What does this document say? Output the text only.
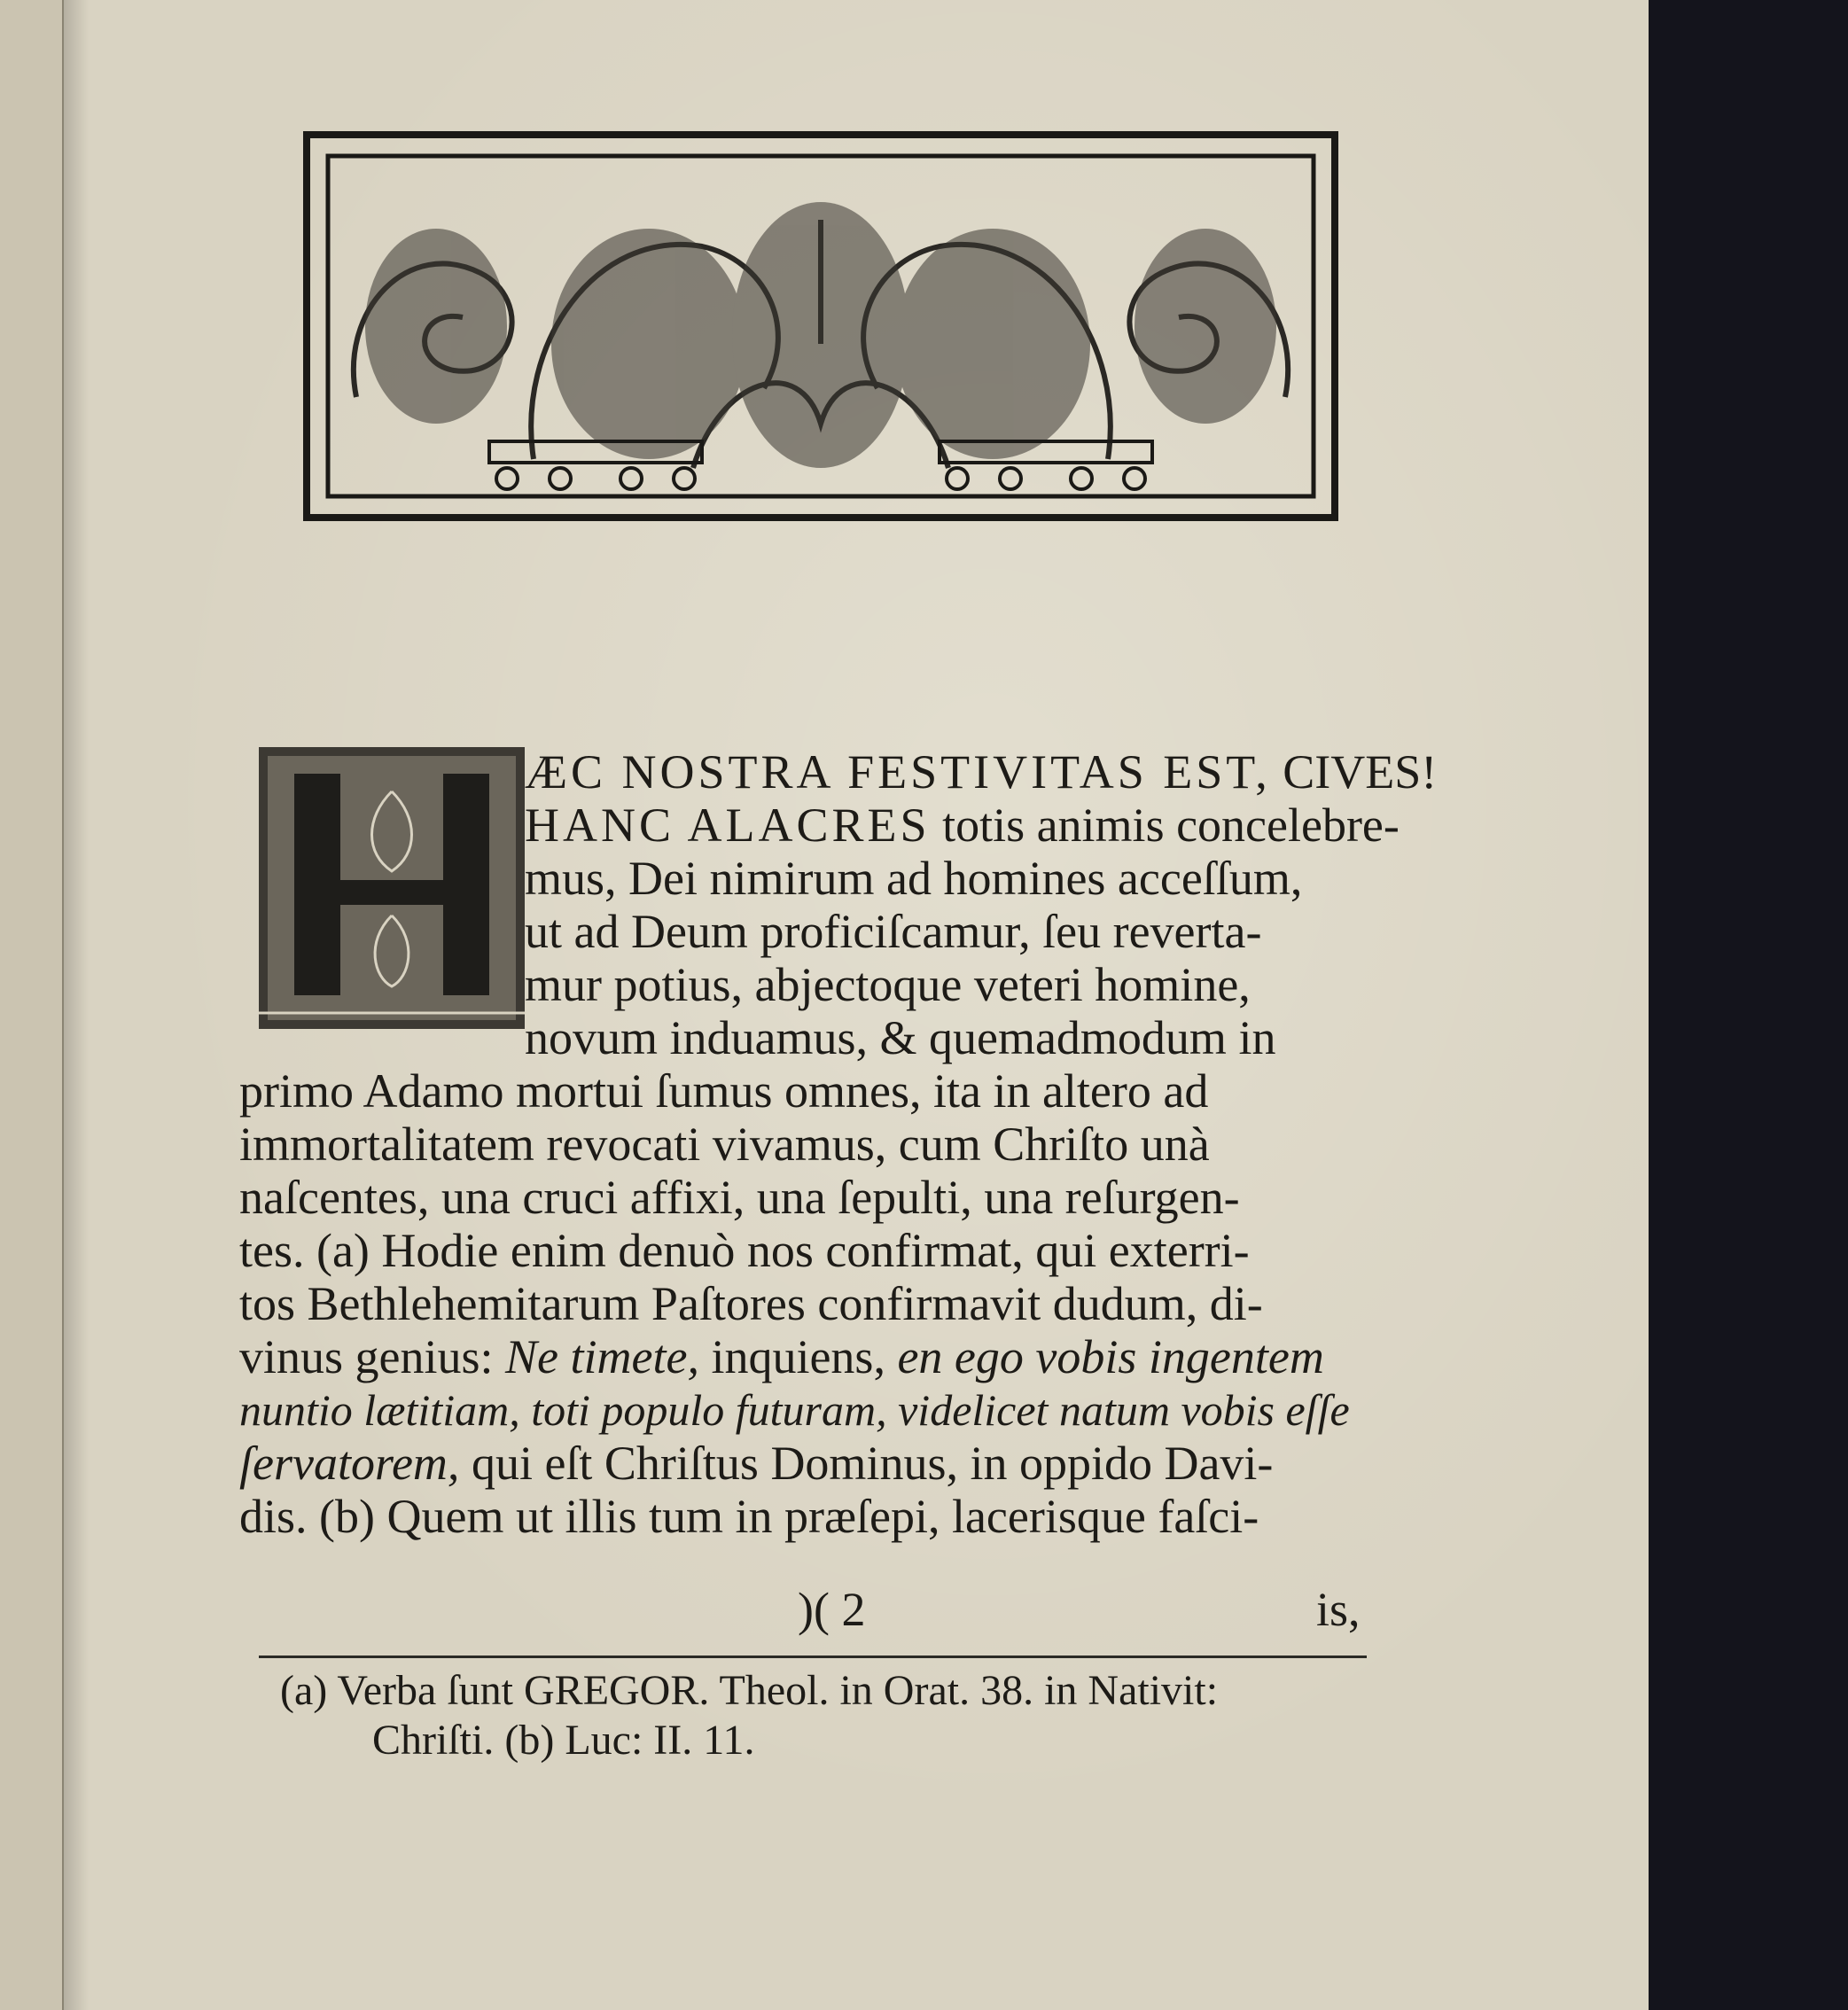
ÆC NOSTRA FESTIVITAS EST, CIVES!
HANC ALACRES totis animis concelebre-
mus, Dei nimirum ad homines acceſſum,
ut ad Deum proficiſcamur, ſeu reverta-
mur potius, abjectoque veteri homine,
novum induamus, & quemadmodum in
primo Adamo mortui ſumus omnes, ita in altero ad
immortalitatem revocati vivamus, cum Chriſto unà
naſcentes, una cruci affixi, una ſepulti, una reſurgen-
tes. (a) Hodie enim denuò nos confirmat, qui exterri-
tos Bethlehemitarum Paſtores confirmavit dudum, di-
vinus genius: Ne timete, inquiens, en ego vobis ingentem
nuntio lætitiam, toti populo futuram, videlicet natum vobis eſſe
ſervatorem, qui eſt Chriſtus Dominus, in oppido Davi-
dis. (b) Quem ut illis tum in præſepi, lacerisque faſci-
)( 2	is,
(a) Verba ſunt GREGOR. Theol. in Orat. 38. in Nativit:
Chriſti. (b) Luc: II. 11.
